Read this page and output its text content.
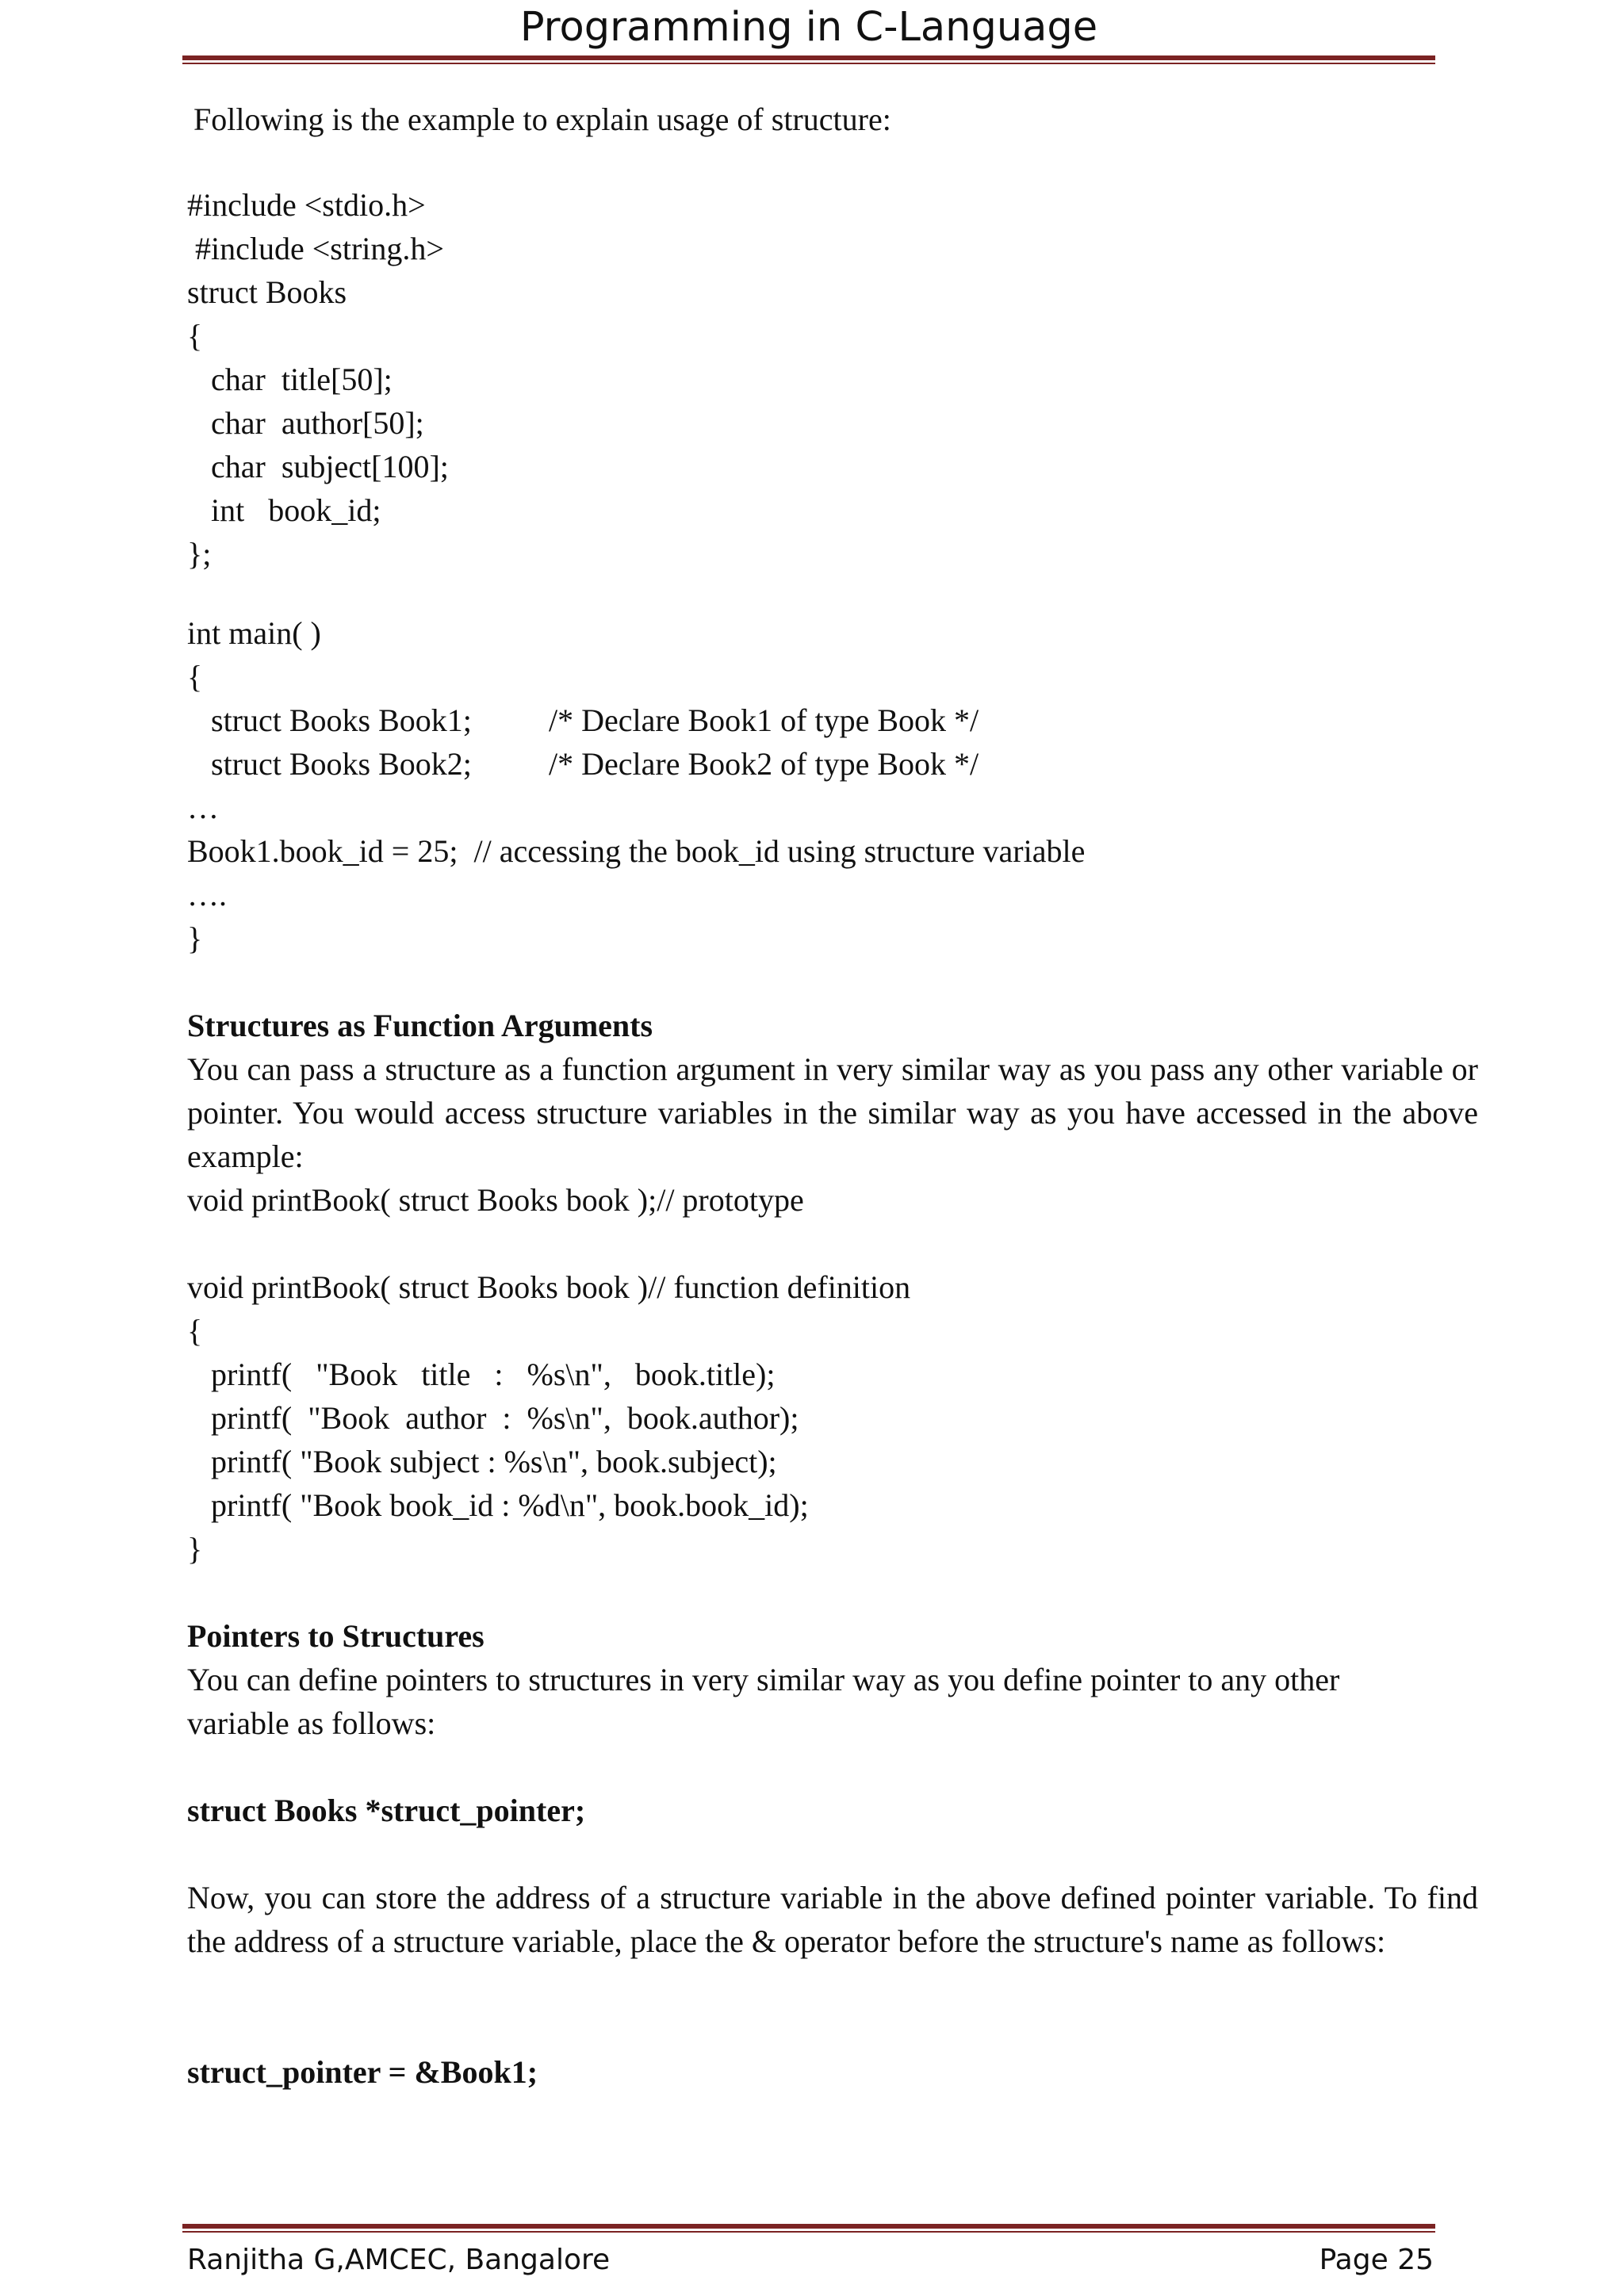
Programming in C-Language
Following is the example to explain usage of structure:
#include <stdio.h>
#include <string.h>
struct Books
{
char  title[50];
char  author[50];
char  subject[100];
int   book_id;
};
int main( )
{
struct Books Book1; /* Declare Book1 of type Book */
struct Books Book2; /* Declare Book2 of type Book */
…
Book1.book_id = 25;  // accessing the book_id using structure variable
….
}
Structures as Function Arguments
You can pass a structure as a function argument in very similar way as you pass any other variable or pointer. You would access structure variables in the similar way as you have accessed in the above example:
void printBook( struct Books book );// prototype
void printBook( struct Books book )// function definition
{
printf(   "Book   title   :   %s\n",   book.title);
printf(  "Book  author  :  %s\n",  book.author);
printf( "Book subject : %s\n", book.subject);
printf( "Book book_id : %d\n", book.book_id);
}
Pointers to Structures
You can define pointers to structures in very similar way as you define pointer to any other variable as follows:
struct Books *struct_pointer;
Now, you can store the address of a structure variable in the above defined pointer variable. To find the address of a structure variable, place the & operator before the structure's name as follows:
struct_pointer = &Book1;
Ranjitha G,AMCEC, Bangalore	Page 25
